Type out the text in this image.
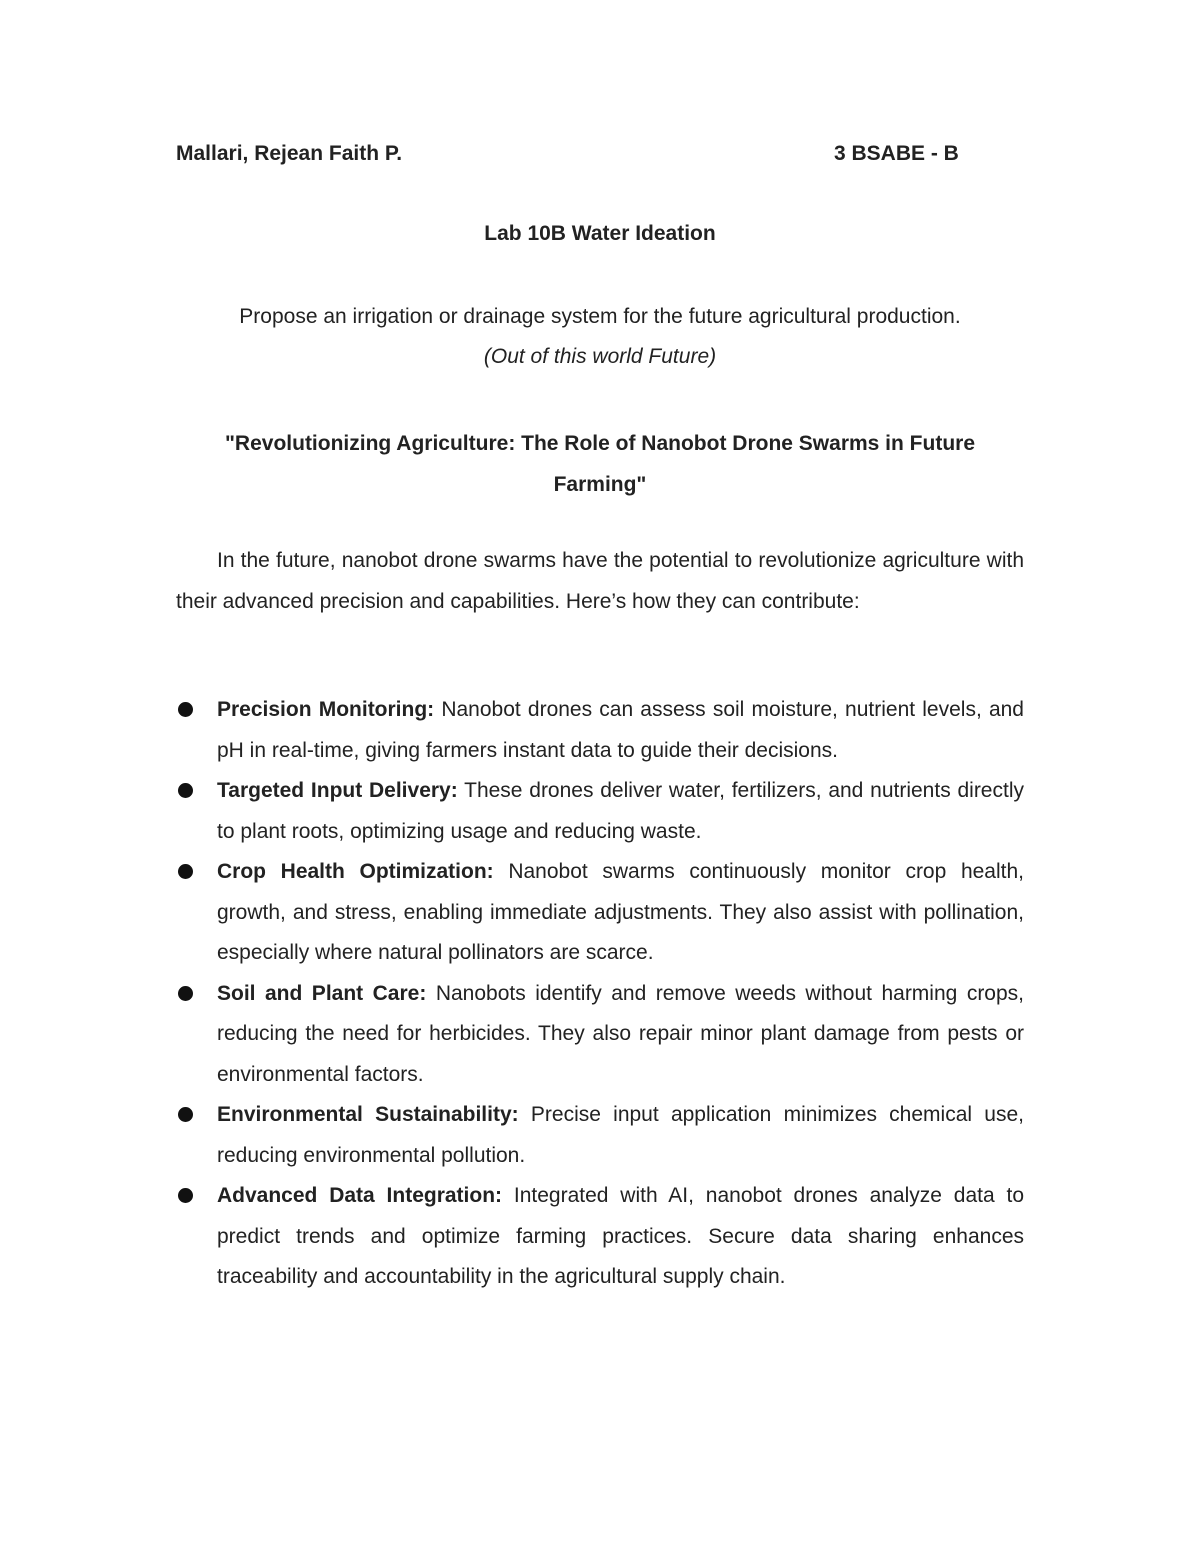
Mallari, Rejean Faith P.	3 BSABE - B
Lab 10B Water Ideation
Propose an irrigation or drainage system for the future agricultural production.
(Out of this world Future)
"Revolutionizing Agriculture: The Role of Nanobot Drone Swarms in Future Farming"

In the future, nanobot drone swarms have the potential to revolutionize agriculture with their advanced precision and capabilities. Here’s how they can contribute:

Precision Monitoring: Nanobot drones can assess soil moisture, nutrient levels, and pH in real-time, giving farmers instant data to guide their decisions.
Targeted Input Delivery: These drones deliver water, fertilizers, and nutrients directly to plant roots, optimizing usage and reducing waste.
Crop Health Optimization: Nanobot swarms continuously monitor crop health, growth, and stress, enabling immediate adjustments. They also assist with pollination, especially where natural pollinators are scarce.
Soil and Plant Care: Nanobots identify and remove weeds without harming crops, reducing the need for herbicides. They also repair minor plant damage from pests or environmental factors.
Environmental Sustainability: Precise input application minimizes chemical use, reducing environmental pollution.
Advanced Data Integration: Integrated with AI, nanobot drones analyze data to predict trends and optimize farming practices. Secure data sharing enhances traceability and accountability in the agricultural supply chain.
